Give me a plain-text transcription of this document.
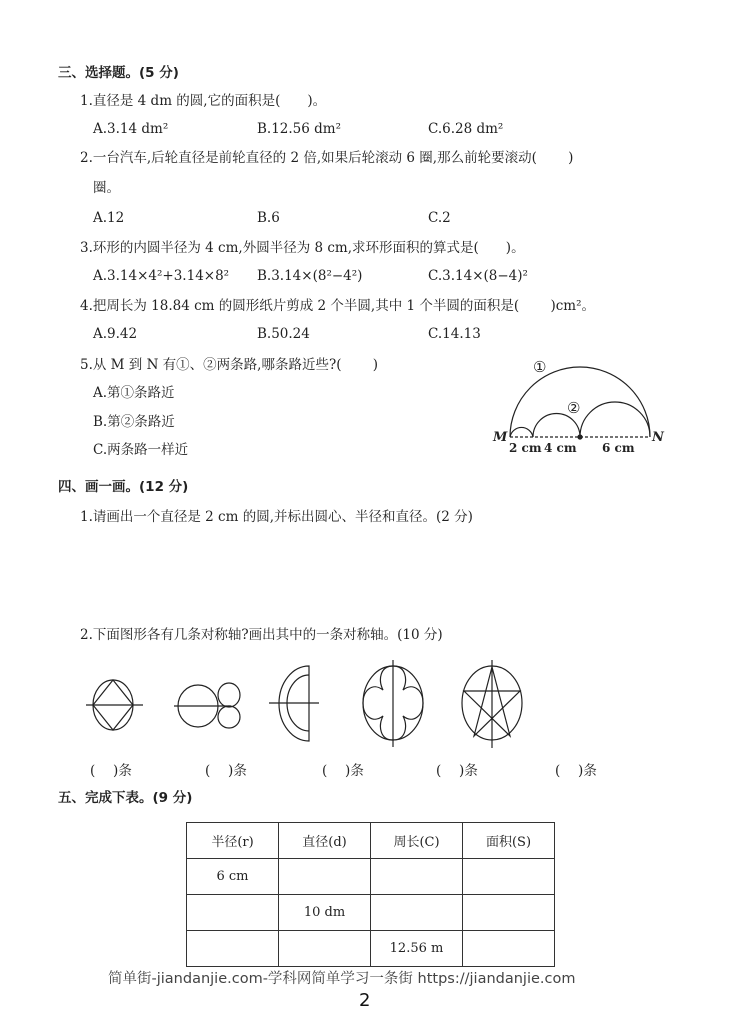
三、选择题。(5 分)
1.直径是 4 dm 的圆,它的面积是(　　)。
A.3.14 dm²	B.12.56 dm²	C.6.28 dm²
2.一台汽车,后轮直径是前轮直径的 2 倍,如果后轮滚动 6 圈,那么前轮要滚动(　　 )
圈。
A.12	B.6	C.2
3.环形的内圆半径为 4 cm,外圆半径为 8 cm,求环形面积的算式是(　　)。
A.3.14×4²+3.14×8² B.3.14×(8²−4²)	C.3.14×(8−4)²
4.把周长为 18.84 cm 的圆形纸片剪成 2 个半圆,其中 1 个半圆的面积是(　　 )cm²。
A.9.42	B.50.24	C.14.13
5.从 M 到 N 有①、②两条路,哪条路近些?(　　 )
A.第①条路近
B.第②条路近
C.两条路一样近
①
②
M	N
2 cm 4 cm 6 cm
四、画一画。(12 分)
1.请画出一个直径是 2 cm 的圆,并标出圆心、半径和直径。(2 分)
2.下面图形各有几条对称轴?画出其中的一条对称轴。(10 分)
(　 )条	(　 )条	(　 )条	(　 )条	(　 )条
五、完成下表。(9 分)
半径(r)	直径(d)	周长(C)	面积(S)
6 cm			
	10 dm		
		12.56 m	
简单街-jiandanjie.com-学科网简单学习一条街 https://jiandanjie.com
2
